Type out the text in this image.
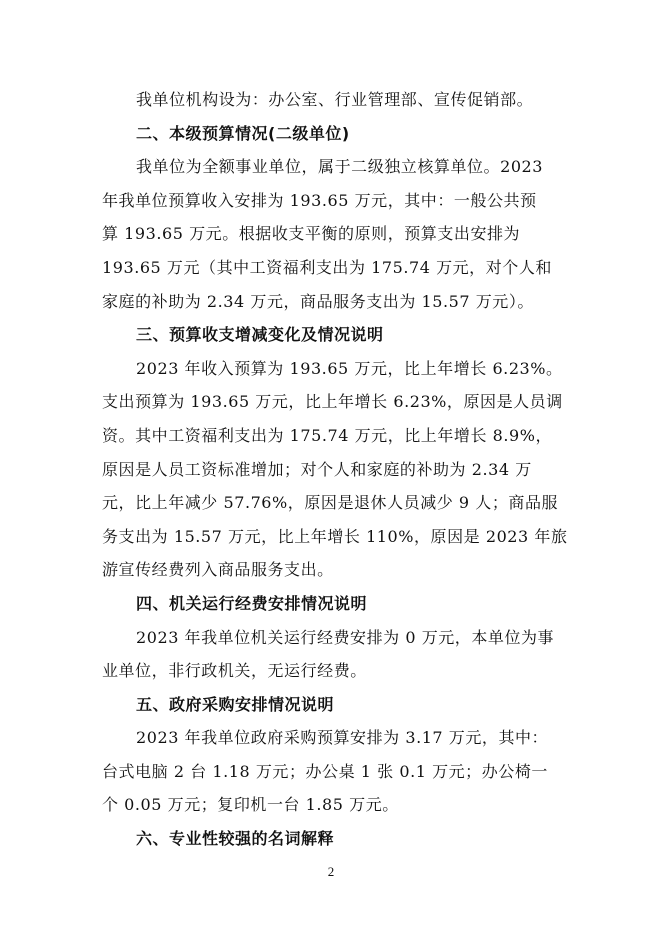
我单位机构设为：办公室、行业管理部、宣传促销部。
二、本级预算情况(二级单位)
我单位为全额事业单位，属于二级独立核算单位。2023
年我单位预算收入安排为 193.65 万元，其中：一般公共预
算 193.65 万元。根据收支平衡的原则，预算支出安排为
193.65 万元（其中工资福利支出为 175.74 万元，对个人和
家庭的补助为 2.34 万元，商品服务支出为 15.57 万元）。
三、预算收支增减变化及情况说明
2023 年收入预算为 193.65 万元，比上年增长 6.23%。
支出预算为 193.65 万元，比上年增长 6.23%，原因是人员调
资。其中工资福利支出为 175.74 万元，比上年增长 8.9%，
原因是人员工资标准增加；对个人和家庭的补助为 2.34 万
元，比上年减少 57.76%，原因是退休人员减少 9 人；商品服
务支出为 15.57 万元，比上年增长 110%，原因是 2023 年旅
游宣传经费列入商品服务支出。
四、机关运行经费安排情况说明
2023 年我单位机关运行经费安排为 0 万元，本单位为事
业单位，非行政机关，无运行经费。
五、政府采购安排情况说明
2023 年我单位政府采购预算安排为 3.17 万元，其中：
台式电脑 2 台 1.18 万元；办公桌 1 张 0.1 万元；办公椅一
个 0.05 万元；复印机一台 1.85 万元。
六、专业性较强的名词解释
2
